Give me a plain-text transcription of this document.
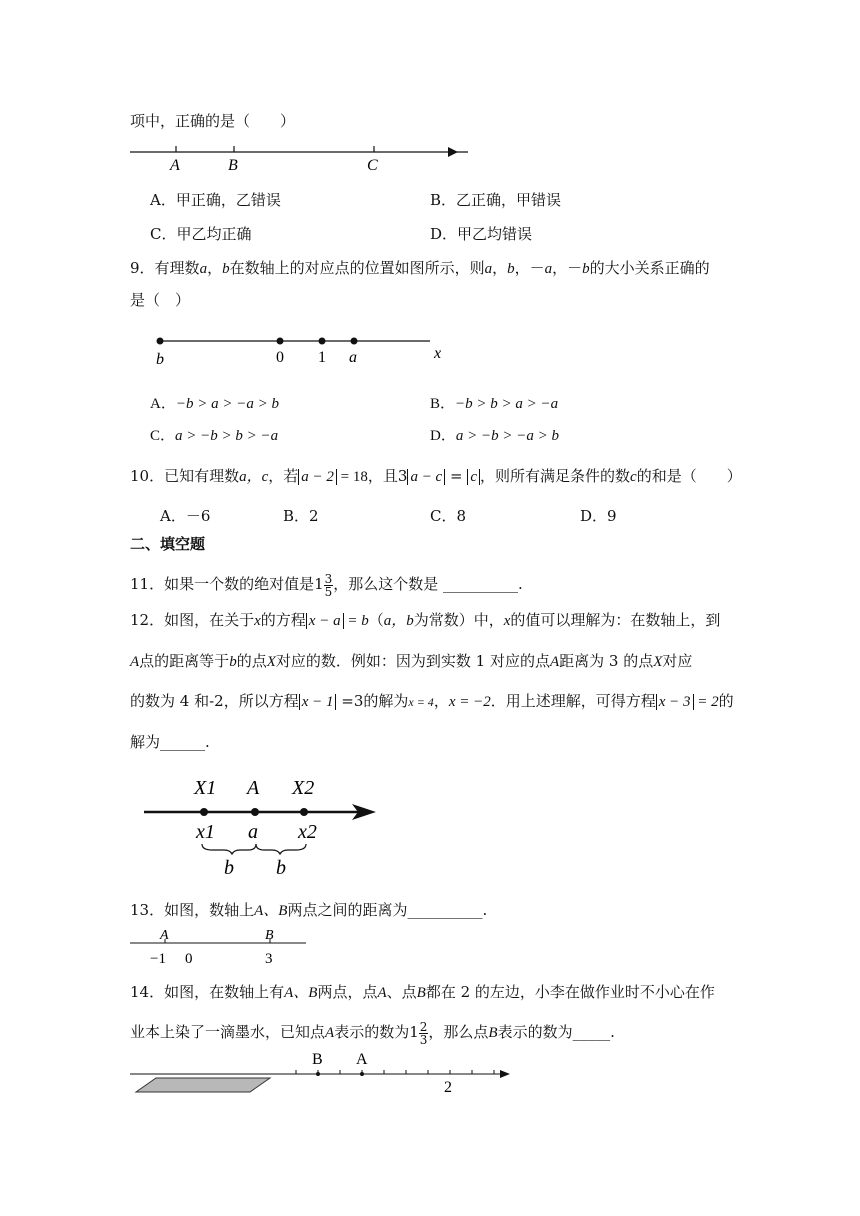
项中，正确的是（　　）
A	B	C
A．甲正确，乙错误	B．乙正确，甲错误
C．甲乙均正确	D．甲乙均错误
9．有理数a，b在数轴上的对应点的位置如图所示，则a，b，－a，－b的大小关系正确的
是（　）
b	0 1 a	x
A．−b > a > −a > b	B．−b > b > a > −a
C．a > −b > b > −a	D．a > −b > −a > b
10．已知有理数a，c，若 a − 2 = 18，且3 a − c = c ，则所有满足条件的数c的和是（　　）
A．－6	B．2	C．8	D．9
二、填空题
11．如果一个数的绝对值是$1 \frac{3}{5}$ ，那么这个数是 __________.
12．如图，在关于x的方程 x − a = b（a，b为常数）中，x的值可以理解为：在数轴上，到
A点的距离等于b的点X对应的数．例如：因为到实数 1 对应的点A距离为 3 的点X对应
的数为 4 和-2，所以方程 x − 1 =3的解为x = 4，x = −2．用上述理解，可得方程 x − 3 = 2的
解为______.
X1 A X2
x1 a x2
b b
13．如图，数轴上A、B两点之间的距离为__________.
A	B
−1 0	3
14．如图，在数轴上有A、B两点，点A、点B都在 2 的左边，小李在做作业时不小心在作
业本上染了一滴墨水，已知点A表示的数为$1 \frac{2}{3}$ ，那么点B表示的数为_____.
B A
2
